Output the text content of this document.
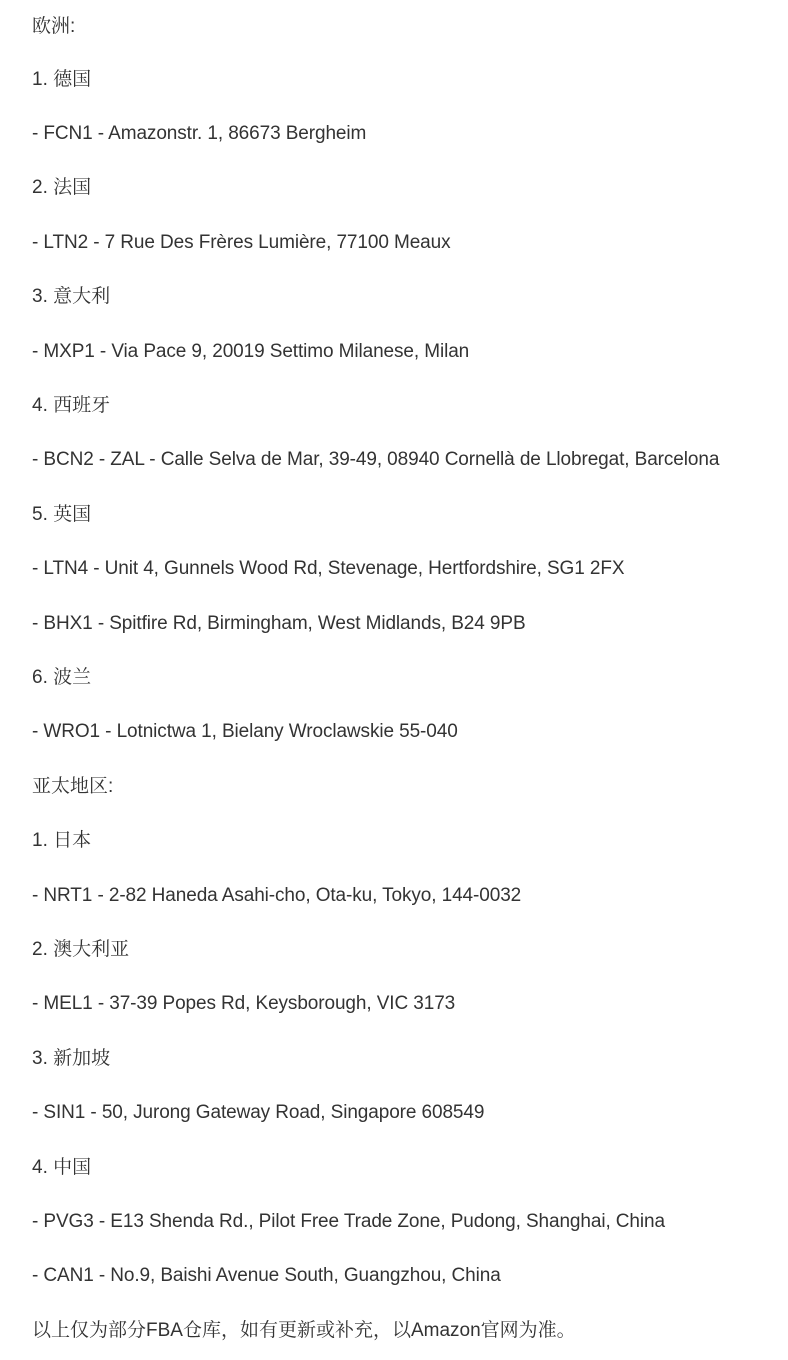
欧洲:

1. 德国

- FCN1 - Amazonstr. 1, 86673 Bergheim

2. 法国

- LTN2 - 7 Rue Des Frères Lumière, 77100 Meaux

3. 意大利

- MXP1 - Via Pace 9, 20019 Settimo Milanese, Milan

4. 西班牙

- BCN2 - ZAL - Calle Selva de Mar, 39-49, 08940 Cornellà de Llobregat, Barcelona

5. 英国

- LTN4 - Unit 4, Gunnels Wood Rd, Stevenage, Hertfordshire, SG1 2FX

- BHX1 - Spitfire Rd, Birmingham, West Midlands, B24 9PB

6. 波兰

- WRO1 - Lotnictwa 1, Bielany Wroclawskie 55-040

亚太地区:

1. 日本

- NRT1 - 2-82 Haneda Asahi-cho, Ota-ku, Tokyo, 144-0032

2. 澳大利亚

- MEL1 - 37-39 Popes Rd, Keysborough, VIC 3173

3. 新加坡

- SIN1 - 50, Jurong Gateway Road, Singapore 608549

4. 中国

- PVG3 - E13 Shenda Rd., Pilot Free Trade Zone, Pudong, Shanghai, China

- CAN1 - No.9, Baishi Avenue South, Guangzhou, China

以上仅为部分FBA仓库，如有更新或补充，以Amazon官网为准。
